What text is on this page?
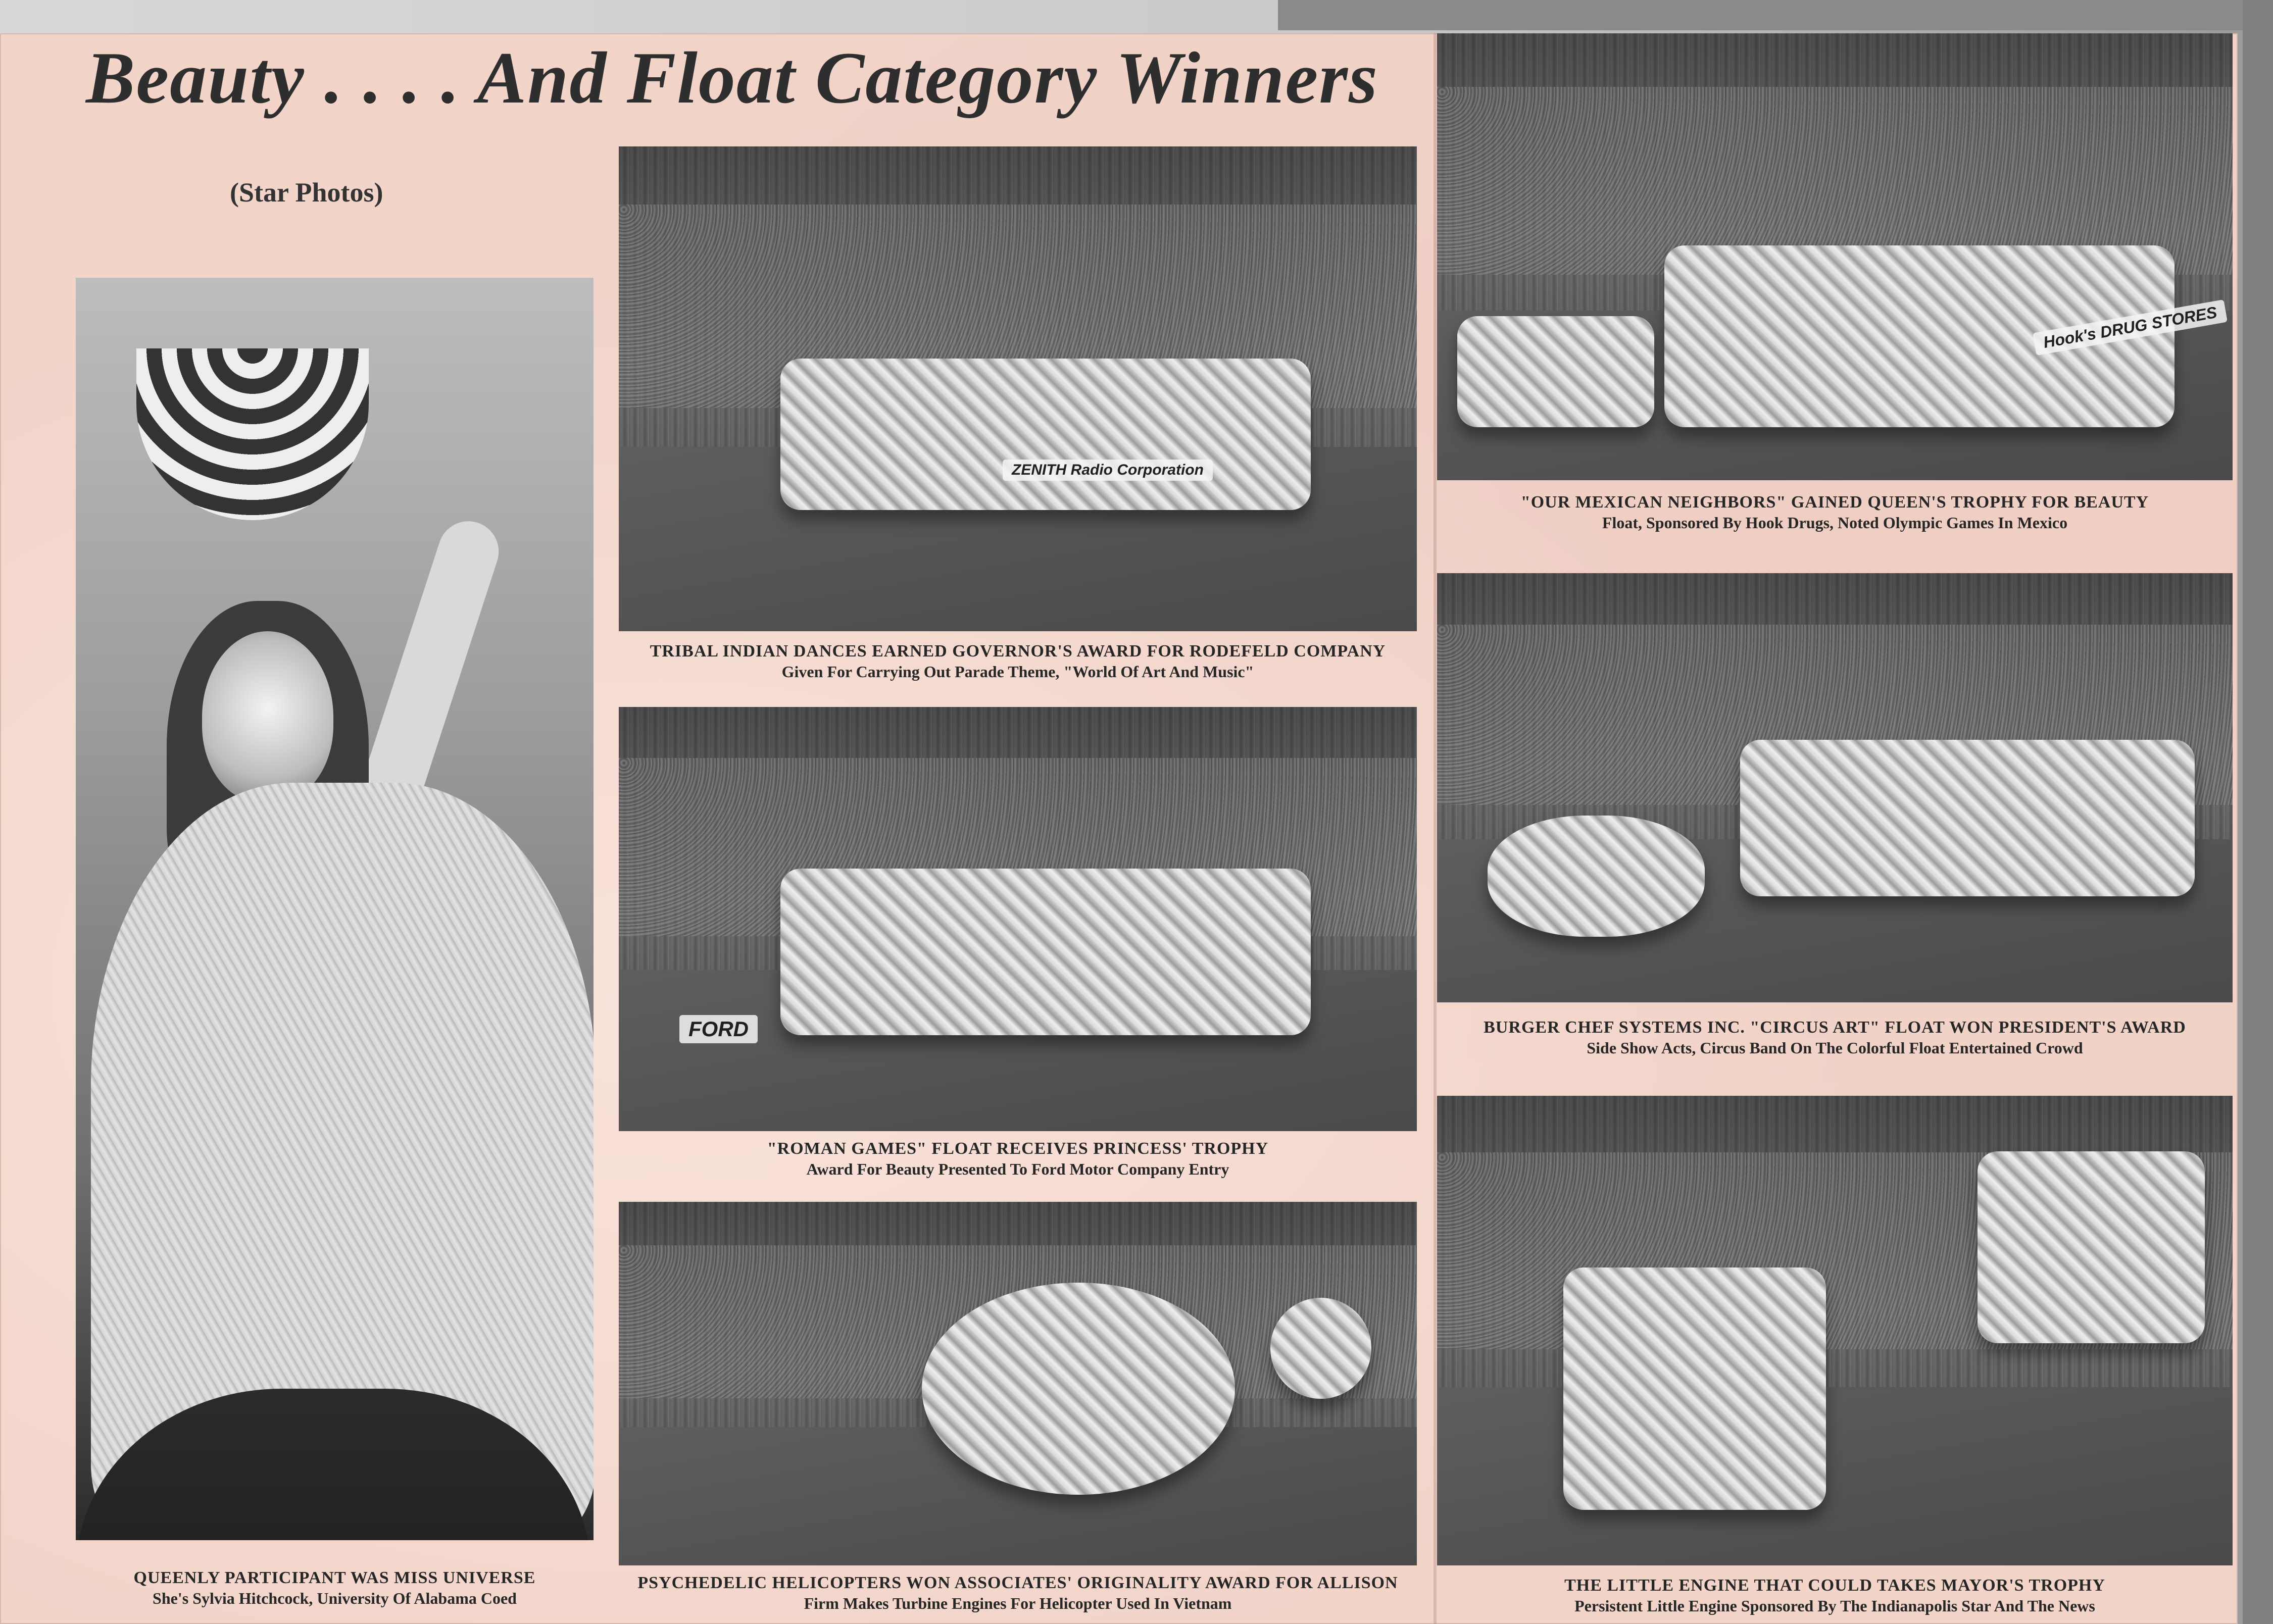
Beauty . . . . And Float Category Winners
(Star Photos)
QUEENLY PARTICIPANT WAS MISS UNIVERSE
She's Sylvia Hitchcock, University Of Alabama Coed
ZENITH Radio Corporation
TRIBAL INDIAN DANCES EARNED GOVERNOR'S AWARD FOR RODEFELD COMPANY
Given For Carrying Out Parade Theme, "World Of Art And Music"
FORD
"ROMAN GAMES" FLOAT RECEIVES PRINCESS' TROPHY
Award For Beauty Presented To Ford Motor Company Entry
PSYCHEDELIC HELICOPTERS WON ASSOCIATES' ORIGINALITY AWARD FOR ALLISON
Firm Makes Turbine Engines For Helicopter Used In Vietnam
Hook's DRUG STORES
"OUR MEXICAN NEIGHBORS" GAINED QUEEN'S TROPHY FOR BEAUTY
Float, Sponsored By Hook Drugs, Noted Olympic Games In Mexico
BURGER CHEF SYSTEMS INC. "CIRCUS ART" FLOAT WON PRESIDENT'S AWARD
Side Show Acts, Circus Band On The Colorful Float Entertained Crowd
THE LITTLE ENGINE THAT COULD TAKES MAYOR'S TROPHY
Persistent Little Engine Sponsored By The Indianapolis Star And The News
